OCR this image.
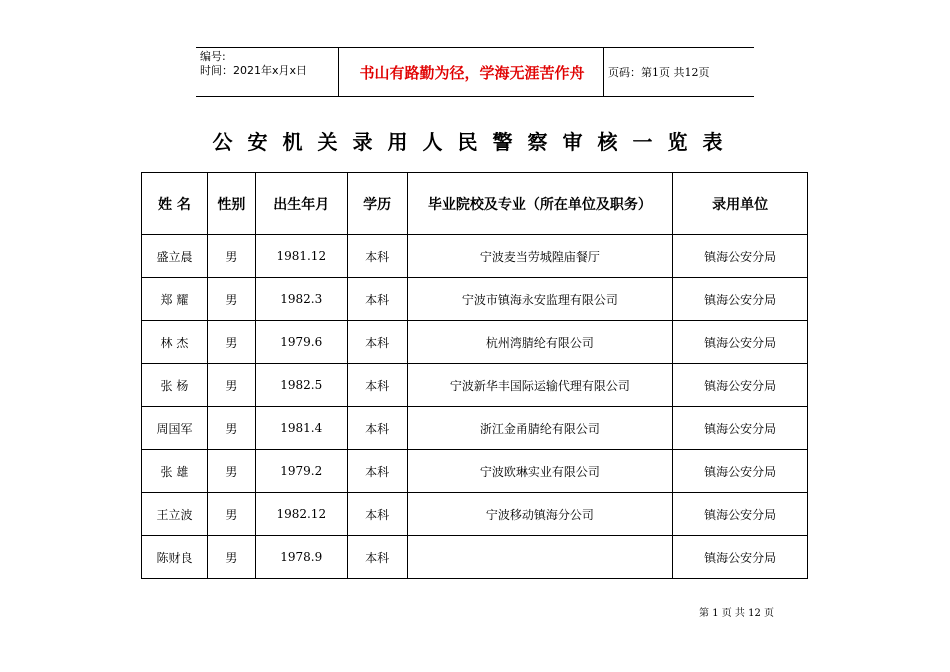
编号:
时间：2021年x月x日	书山有路勤为径，学海无涯苦作舟	页码：第1页 共12页
公安机关录用人民警察审核一览表
姓 名	性别	出生年月	学历	毕业院校及专业（所在单位及职务）	录用单位
盛立晨	男	1981.12	本科	宁波麦当劳城隍庙餐厅	镇海公安分局
郑 耀	男	1982.3	本科	宁波市镇海永安监理有限公司	镇海公安分局
林 杰	男	1979.6	本科	杭州湾腈纶有限公司	镇海公安分局
张 杨	男	1982.5	本科	宁波新华丰国际运输代理有限公司	镇海公安分局
周国军	男	1981.4	本科	浙江金甬腈纶有限公司	镇海公安分局
张 雄	男	1979.2	本科	宁波欧琳实业有限公司	镇海公安分局
王立波	男	1982.12	本科	宁波移动镇海分公司	镇海公安分局
陈财良	男	1978.9	本科		镇海公安分局
第 1 页 共 12 页
